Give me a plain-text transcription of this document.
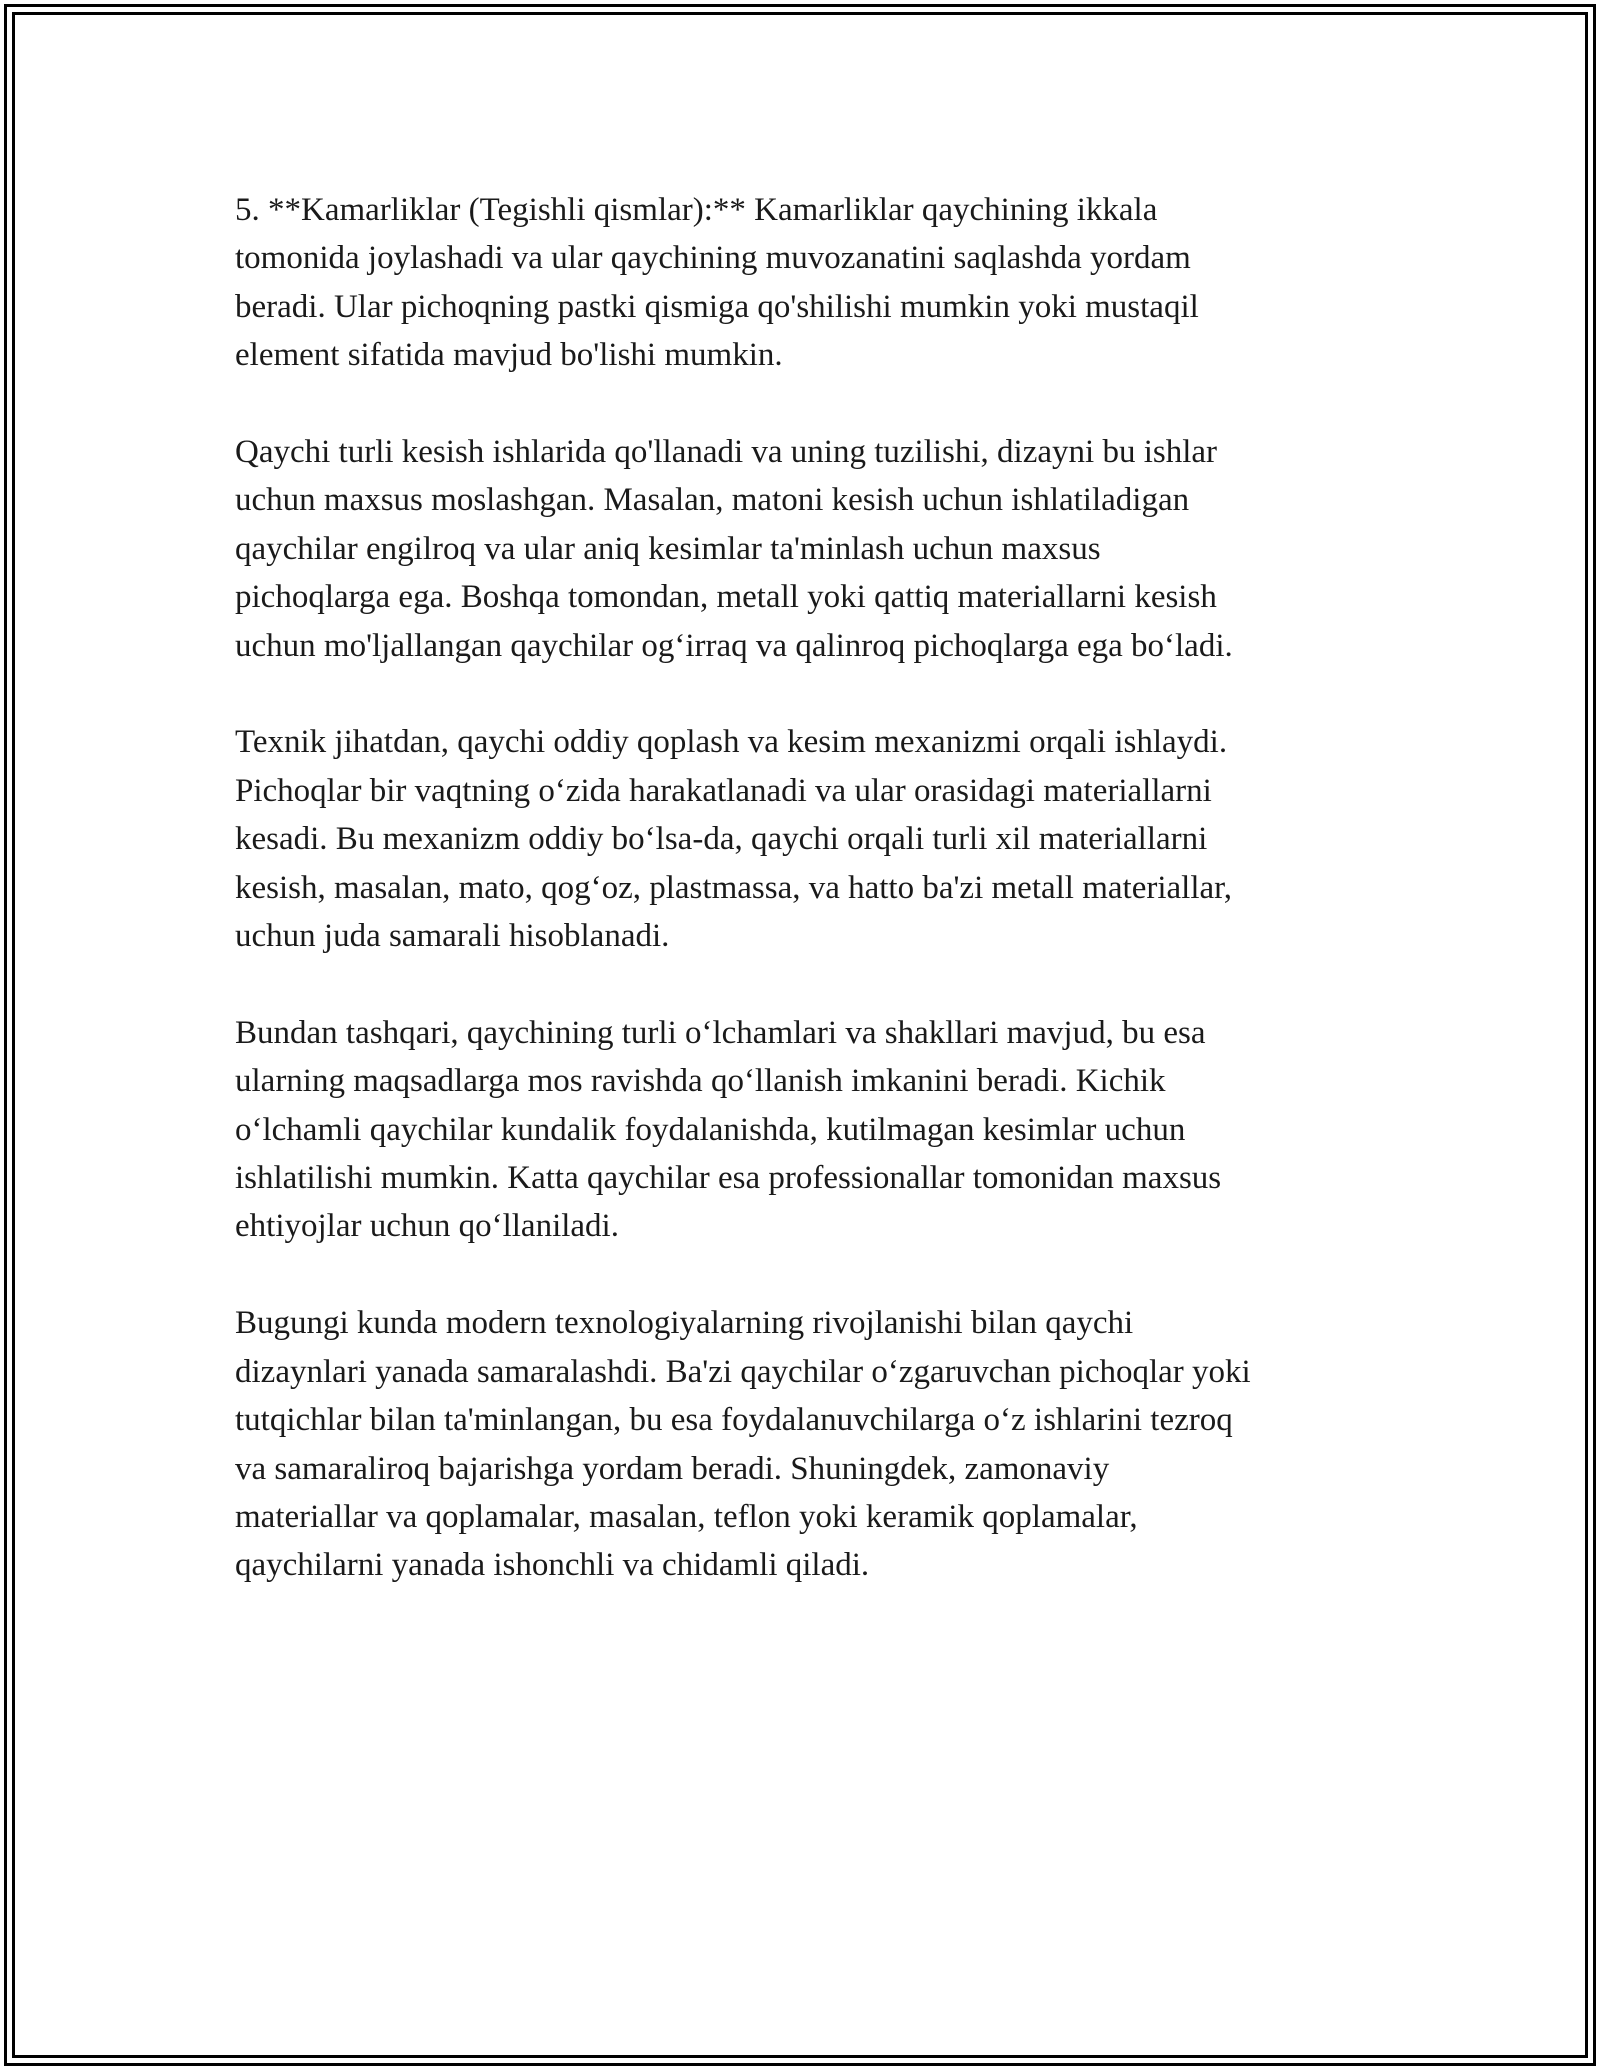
5. **Kamarliklar (Tegishli qismlar):** Kamarliklar qaychining ikkala
tomonida joylashadi va ular qaychining muvozanatini saqlashda yordam
beradi. Ular pichoqning pastki qismiga qo'shilishi mumkin yoki mustaqil
element sifatida mavjud bo'lishi mumkin.

Qaychi turli kesish ishlarida qo'llanadi va uning tuzilishi, dizayni bu ishlar
uchun maxsus moslashgan. Masalan, matoni kesish uchun ishlatiladigan
qaychilar engilroq va ular aniq kesimlar ta'minlash uchun maxsus
pichoqlarga ega. Boshqa tomondan, metall yoki qattiq materiallarni kesish
uchun mo'ljallangan qaychilar og‘irraq va qalinroq pichoqlarga ega bo‘ladi.

Texnik jihatdan, qaychi oddiy qoplash va kesim mexanizmi orqali ishlaydi.
Pichoqlar bir vaqtning o‘zida harakatlanadi va ular orasidagi materiallarni
kesadi. Bu mexanizm oddiy bo‘lsa-da, qaychi orqali turli xil materiallarni
kesish, masalan, mato, qog‘oz, plastmassa, va hatto ba'zi metall materiallar,
uchun juda samarali hisoblanadi.

Bundan tashqari, qaychining turli o‘lchamlari va shakllari mavjud, bu esa
ularning maqsadlarga mos ravishda qo‘llanish imkanini beradi. Kichik
o‘lchamli qaychilar kundalik foydalanishda, kutilmagan kesimlar uchun
ishlatilishi mumkin. Katta qaychilar esa professionallar tomonidan maxsus
ehtiyojlar uchun qo‘llaniladi.

Bugungi kunda modern texnologiyalarning rivojlanishi bilan qaychi
dizaynlari yanada samaralashdi. Ba'zi qaychilar o‘zgaruvchan pichoqlar yoki
tutqichlar bilan ta'minlangan, bu esa foydalanuvchilarga o‘z ishlarini tezroq
va samaraliroq bajarishga yordam beradi. Shuningdek, zamonaviy
materiallar va qoplamalar, masalan, teflon yoki keramik qoplamalar,
qaychilarni yanada ishonchli va chidamli qiladi.
